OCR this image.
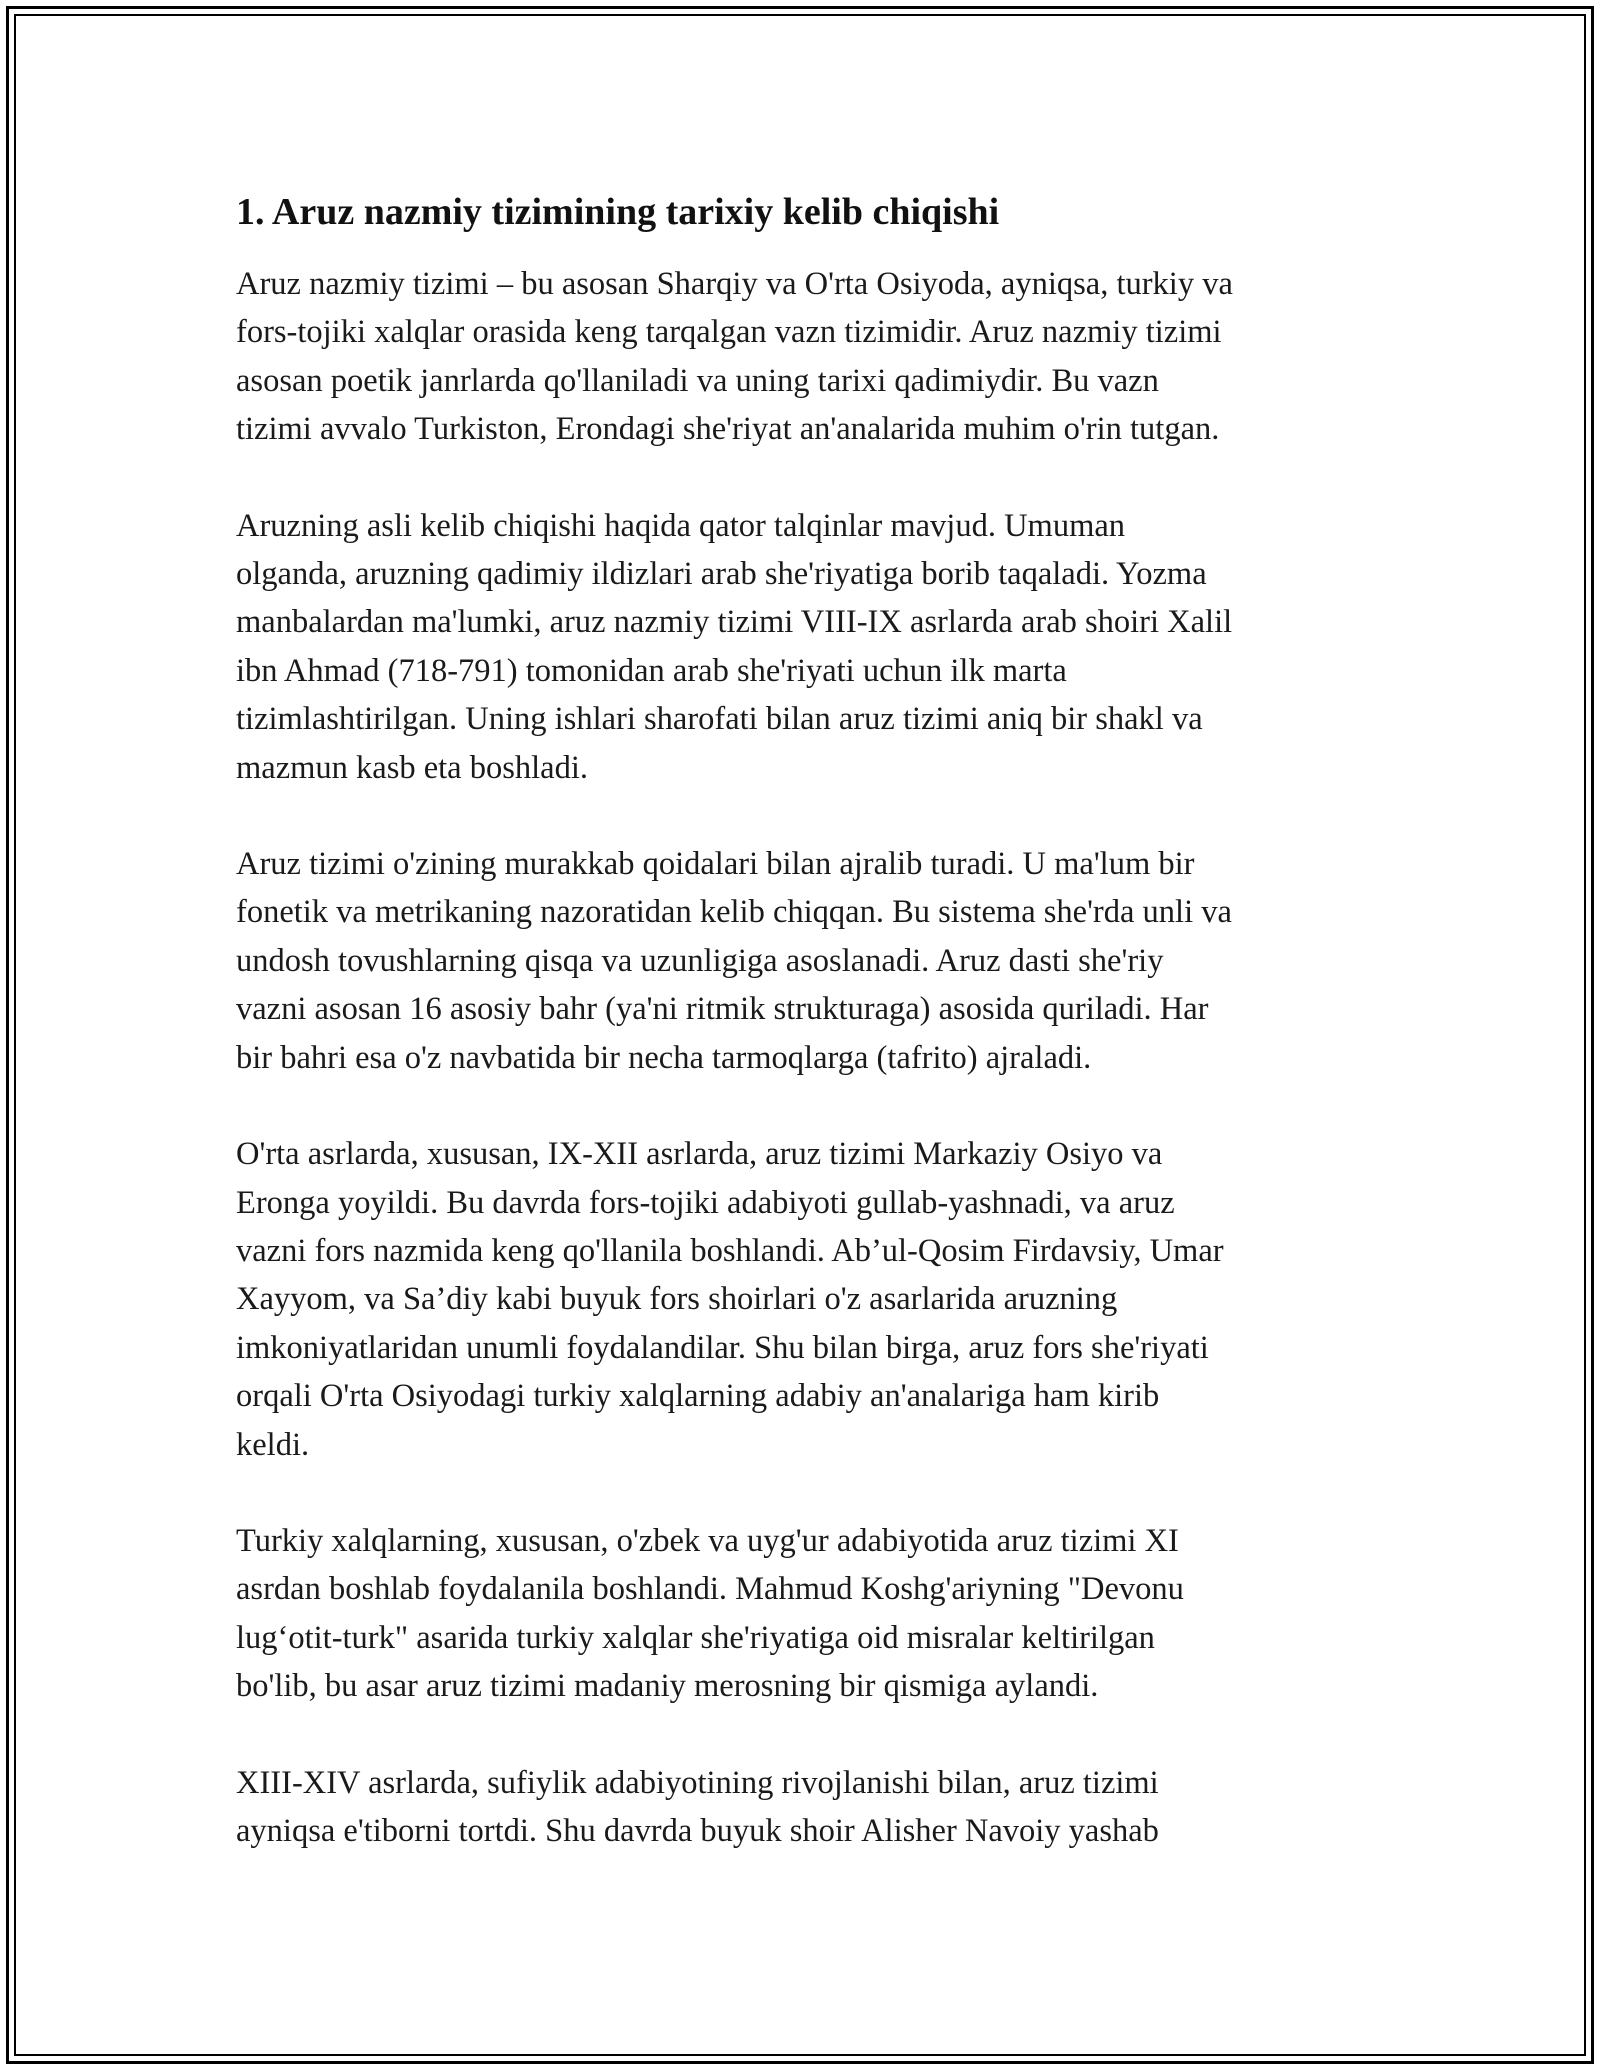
1. Aruz nazmiy tizimining tarixiy kelib chiqishi

Aruz nazmiy tizimi – bu asosan Sharqiy va O'rta Osiyoda, ayniqsa, turkiy va
fors-tojiki xalqlar orasida keng tarqalgan vazn tizimidir. Aruz nazmiy tizimi
asosan poetik janrlarda qo'llaniladi va uning tarixi qadimiydir. Bu vazn
tizimi avvalo Turkiston, Erondagi she'riyat an'analarida muhim o'rin tutgan.

Aruzning asli kelib chiqishi haqida qator talqinlar mavjud. Umuman
olganda, aruzning qadimiy ildizlari arab she'riyatiga borib taqaladi. Yozma
manbalardan ma'lumki, aruz nazmiy tizimi VIII-IX asrlarda arab shoiri Xalil
ibn Ahmad (718-791) tomonidan arab she'riyati uchun ilk marta
tizimlashtirilgan. Uning ishlari sharofati bilan aruz tizimi aniq bir shakl va
mazmun kasb eta boshladi.

Aruz tizimi o'zining murakkab qoidalari bilan ajralib turadi. U ma'lum bir
fonetik va metrikaning nazoratidan kelib chiqqan. Bu sistema she'rda unli va
undosh tovushlarning qisqa va uzunligiga asoslanadi. Aruz dasti she'riy
vazni asosan 16 asosiy bahr (ya'ni ritmik strukturaga) asosida quriladi. Har
bir bahri esa o'z navbatida bir necha tarmoqlarga (tafrito) ajraladi.

O'rta asrlarda, xususan, IX-XII asrlarda, aruz tizimi Markaziy Osiyo va
Eronga yoyildi. Bu davrda fors-tojiki adabiyoti gullab-yashnadi, va aruz
vazni fors nazmida keng qo'llanila boshlandi. Ab’ul-Qosim Firdavsiy, Umar
Xayyom, va Sa’diy kabi buyuk fors shoirlari o'z asarlarida aruzning
imkoniyatlaridan unumli foydalandilar. Shu bilan birga, aruz fors she'riyati
orqali O'rta Osiyodagi turkiy xalqlarning adabiy an'analariga ham kirib
keldi.

Turkiy xalqlarning, xususan, o'zbek va uyg'ur adabiyotida aruz tizimi XI
asrdan boshlab foydalanila boshlandi. Mahmud Koshg'ariyning "Devonu
lug‘otit-turk" asarida turkiy xalqlar she'riyatiga oid misralar keltirilgan
bo'lib, bu asar aruz tizimi madaniy merosning bir qismiga aylandi.

XIII-XIV asrlarda, sufiylik adabiyotining rivojlanishi bilan, aruz tizimi
ayniqsa e'tiborni tortdi. Shu davrda buyuk shoir Alisher Navoiy yashab
